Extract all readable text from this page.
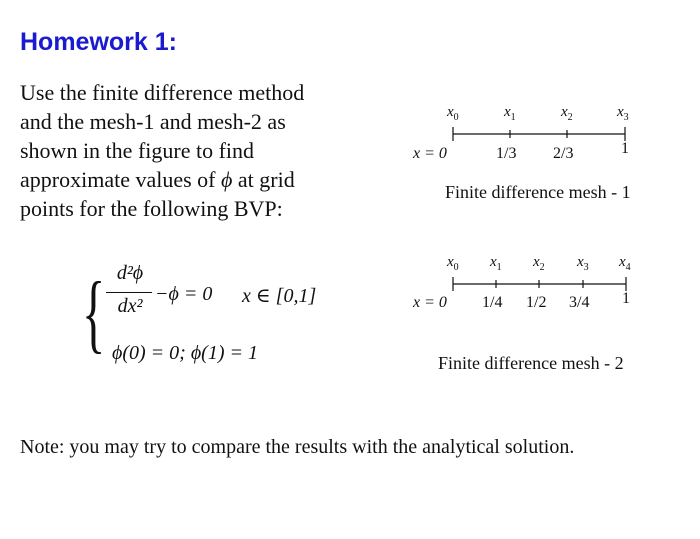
Homework 1:
Use the finite difference method
and the mesh-1 and mesh-2 as
shown in the figure to find
approximate values of ϕ at grid
points for the following BVP:
{ d²ϕ
dx²
−ϕ = 0 x ∈ [0,1]
ϕ(0) = 0; ϕ(1) = 1
$x_0$	$x_1$	$x_2$	$x_3$
x = 0	1/3 2/3	1
Finite difference mesh - 1
$x_0$ $x_1$ $x_2$ $x_3$ $x_4$
x = 0 1/4 1/2 3/4 1
Finite difference mesh - 2
Note: you may try to compare the results with the analytical solution.
